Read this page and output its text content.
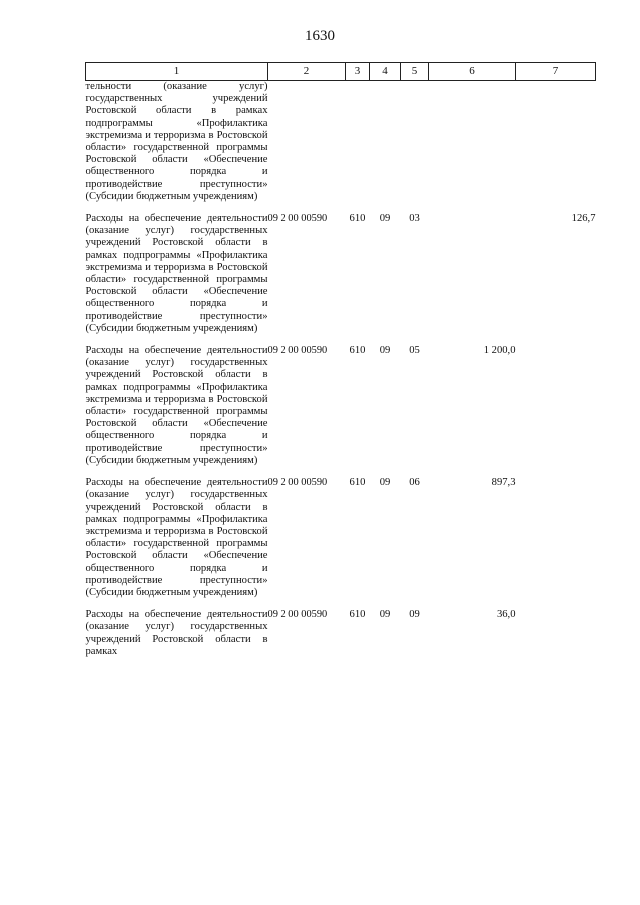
1630
1	2	3	4	5	6	7
тельности (оказание услуг) государственных учреждений Ростовской области в рамках подпрограммы «Профилактика экстремизма и терроризма в Ростовской области» государственной программы Ростовской области «Обеспечение общественного порядка и противодействие преступности» (Субсидии бюджетным учреждениям)						

Расходы на обеспечение деятельности (оказание услуг) государственных учреждений Ростовской области в рамках подпрограммы «Профилактика экстремизма и терроризма в Ростовской области» государственной программы Ростовской области «Обеспечение общественного порядка и противодействие преступности» (Субсидии бюджетным учреждениям)	09 2 00 00590	610	09	03		126,7

Расходы на обеспечение деятельности (оказание услуг) государственных учреждений Ростовской области в рамках подпрограммы «Профилактика экстремизма и терроризма в Ростовской области» государственной программы Ростовской области «Обеспечение общественного порядка и противодействие преступности» (Субсидии бюджетным учреждениям)	09 2 00 00590	610	09	05	1 200,0	

Расходы на обеспечение деятельности (оказание услуг) государственных учреждений Ростовской области в рамках подпрограммы «Профилактика экстремизма и терроризма в Ростовской области» государственной программы Ростовской области «Обеспечение общественного порядка и противодействие преступности» (Субсидии бюджетным учреждениям)	09 2 00 00590	610	09	06	897,3	

Расходы на обеспечение деятельности (оказание услуг) государственных учреждений Ростовской области в рамках	09 2 00 00590	610	09	09	36,0	
